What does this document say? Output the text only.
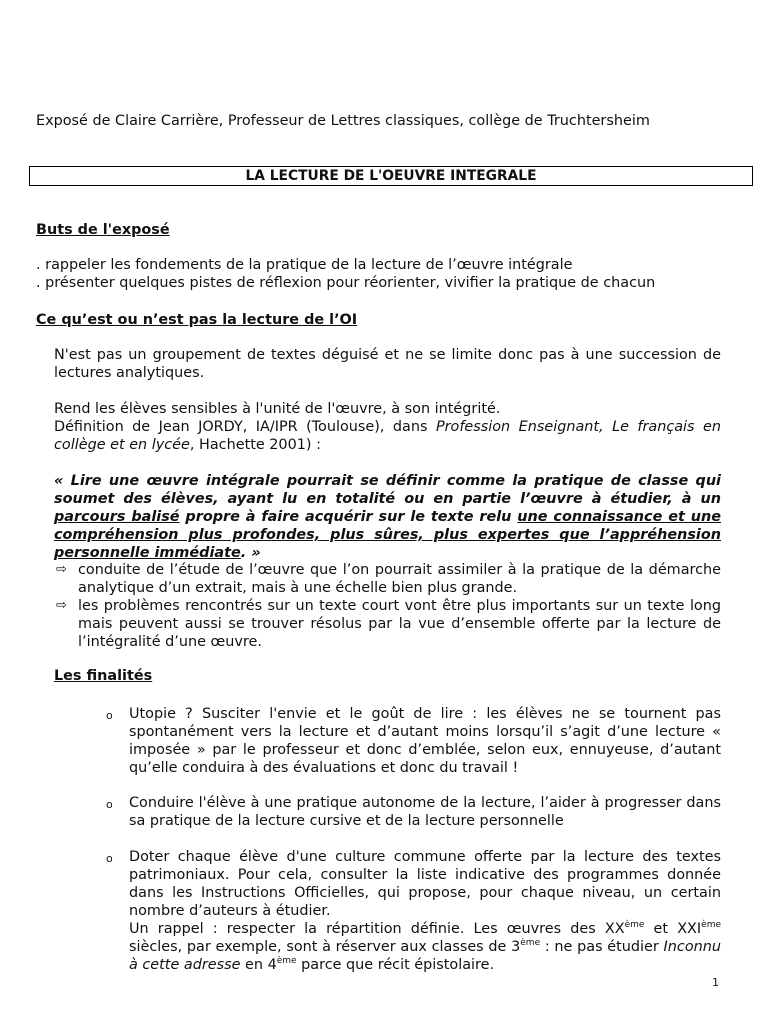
Exposé de Claire Carrière, Professeur de Lettres classiques, collège de Truchtersheim
LA LECTURE DE L'OEUVRE INTEGRALE
Buts de l'exposé
. rappeler les fondements de la pratique de la lecture de l’œuvre intégrale
. présenter quelques pistes de réflexion pour réorienter, vivifier la pratique de chacun
Ce qu’est ou n’est pas la lecture de l’OI
N'est pas un groupement de textes déguisé et ne se limite donc pas à une succession de lectures analytiques.
Rend les élèves sensibles à l'unité de l'œuvre, à son intégrité.

Définition de Jean JORDY, IA/IPR (Toulouse), dans Profession Enseignant, Le français en collège et en lycée, Hachette 2001) :
« Lire une œuvre intégrale pourrait se définir comme la pratique de classe qui soumet des élèves, ayant lu en totalité ou en partie l’œuvre à étudier, à un parcours balisé propre à faire acquérir sur le texte relu une connaissance et une compréhension plus profondes, plus sûres, plus expertes que l’appréhension personnelle immédiate. »
⇨ conduite de l’étude de l’œuvre que l’on pourrait assimiler à la pratique de la démarche analytique d’un extrait, mais à une échelle bien plus grande.
⇨ les problèmes rencontrés sur un texte court vont être plus importants sur un texte long mais peuvent aussi se trouver résolus par la vue d’ensemble offerte par la lecture de l’intégralité d’une œuvre.
Les finalités
o Utopie ? Susciter l'envie et le goût de lire : les élèves ne se tournent pas spontanément vers la lecture et d’autant moins lorsqu’il s’agit d’une lecture « imposée » par le professeur et donc d’emblée, selon eux, ennuyeuse, d’autant qu’elle conduira à des évaluations et donc du travail !
o Conduire l'élève à une pratique autonome de la lecture, l’aider à progresser dans sa pratique de la lecture cursive et de la lecture personnelle
o Doter chaque élève d'une culture commune offerte par la lecture des textes patrimoniaux. Pour cela, consulter la liste indicative des programmes donnée dans les Instructions Officielles, qui propose, pour chaque niveau, un certain nombre d’auteurs à étudier.
Un rappel : respecter la répartition définie. Les œuvres des XXème et XXIème siècles, par exemple, sont à réserver aux classes de 3ème : ne pas étudier Inconnu à cette adresse en 4ème parce que récit épistolaire.
1
